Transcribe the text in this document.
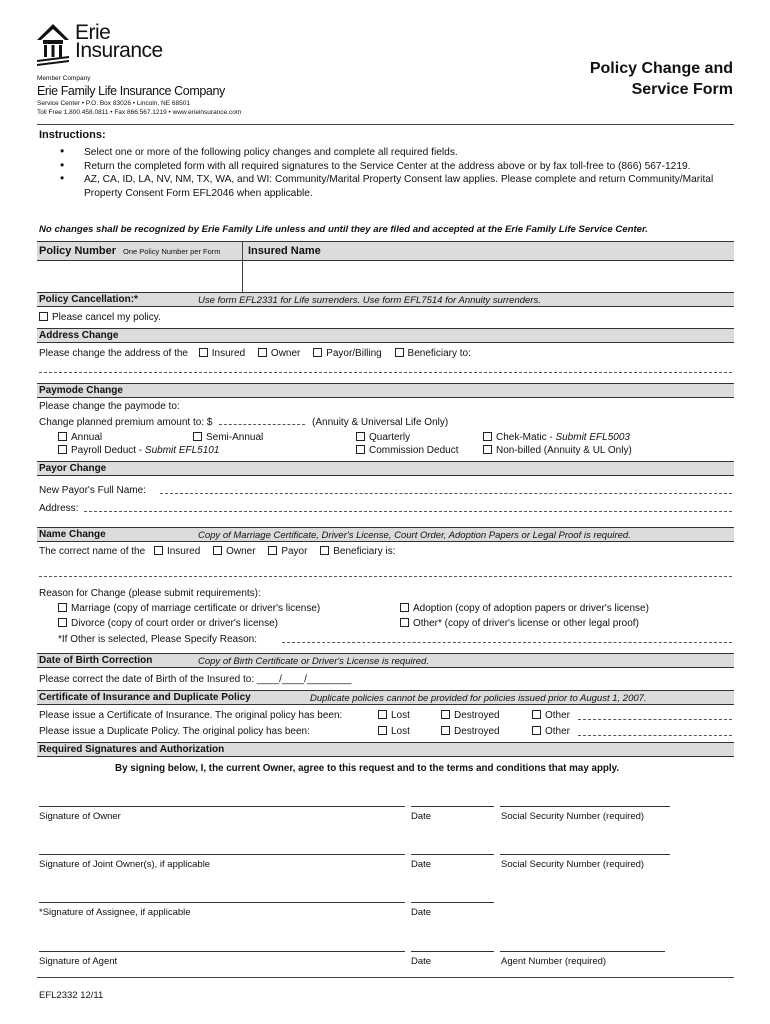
Erie
Insurance
Member Company
Erie Family Life Insurance Company
Service Center • P.O. Box 83026 • Lincoln, NE 68501
Toll Free 1.800.458.0811 • Fax 866.567.1219 • www.erieinsurance.com
Policy Change and
Service Form
Instructions:
• Select one or more of the following policy changes and complete all required fields.
• Return the completed form with all required signatures to the Service Center at the address above or by fax toll-free to (866) 567-1219.
• AZ, CA, ID, LA, NV, NM, TX, WA, and WI: Community/Marital Property Consent law applies. Please complete and return Community/Marital Property Consent Form EFL2046 when applicable.
No changes shall be recognized by Erie Family Life unless and until they are filed and accepted at the Erie Family Life Service Center.
Policy Number One Policy Number per Form Insured Name
Policy Cancellation:*	Use form EFL2331 for Life surrenders. Use form EFL7514 for Annuity surrenders.
Please cancel my policy.
Address Change
Please change the address of the Insured	Owner	Payor/Billing	Beneficiary to:
Paymode Change
Please change the paymode to:
Change planned premium amount to: $	(Annuity & Universal Life Only)
Annual	Semi-Annual	Quarterly	Chek-Matic - Submit EFL5003
Payroll Deduct - Submit EFL5101	Commission Deduct	Non-billed (Annuity & UL Only)
Payor Change
New Payor's Full Name:
Address:
Name Change	Copy of Marriage Certificate, Driver's License, Court Order, Adoption Papers or Legal Proof is required.
The correct name of the Insured	Owner	Payor	Beneficiary is:
Reason for Change (please submit requirements):
Marriage (copy of marriage certificate or driver's license)	Adoption (copy of adoption papers or driver's license)
Divorce (copy of court order or driver's license)	Other* (copy of driver's license or other legal proof)
*If Other is selected, Please Specify Reason:
Date of Birth Correction	Copy of Birth Certificate or Driver's License is required.
Please correct the date of Birth of the Insured to: ____/____/________
Certificate of Insurance and Duplicate Policy	Duplicate policies cannot be provided for policies issued prior to August 1, 2007.
Please issue a Certificate of Insurance. The original policy has been:	Lost	Destroyed	Other
Please issue a Duplicate Policy. The original policy has been:	Lost	Destroyed	Other
Required Signatures and Authorization
By signing below, I, the current Owner, agree to this request and to the terms and conditions that may apply.
Signature of Owner	Date	Social Security Number (required)
Signature of Joint Owner(s), if applicable	Date	Social Security Number (required)
*Signature of Assignee, if applicable	Date
Signature of Agent	Date	Agent Number (required)
EFL2332 12/11
